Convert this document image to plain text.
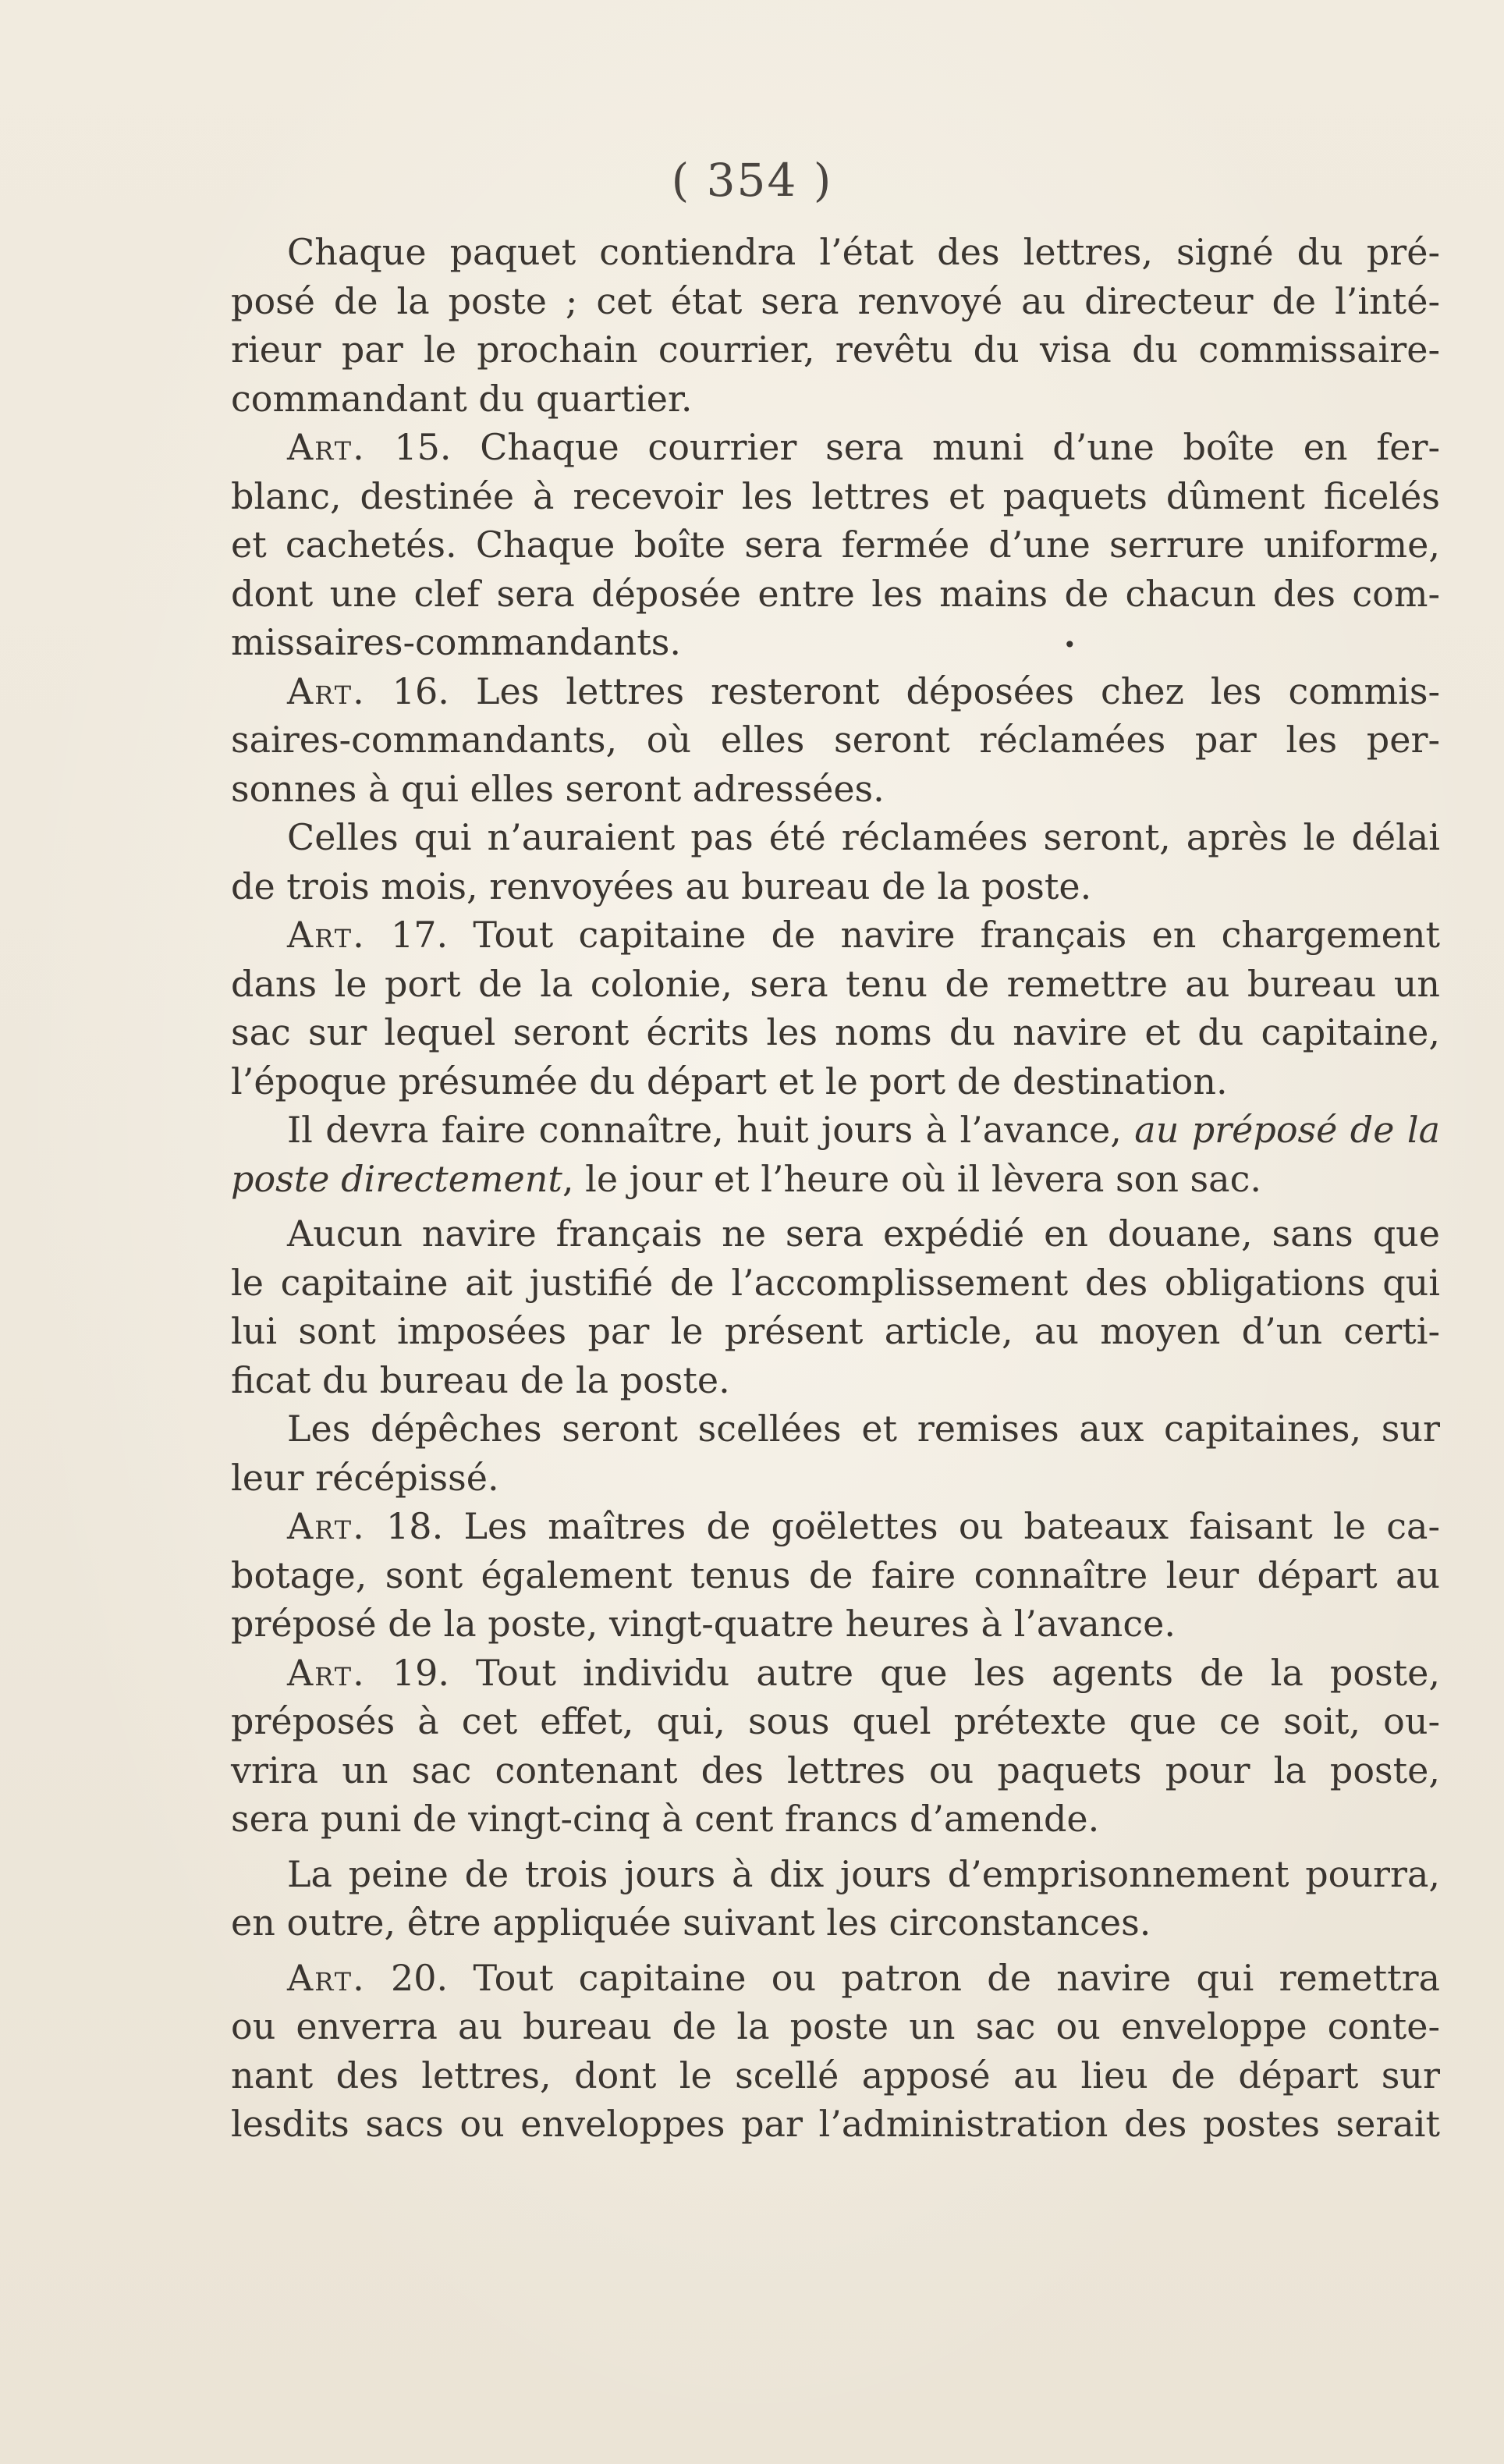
( 354 )
Chaque paquet contiendra l’état des lettres, signé du pré-
posé de la poste ; cet état sera renvoyé au directeur de l’inté-
rieur par le prochain courrier, revêtu du visa du commissaire-
commandant du quartier.
Art. 15. Chaque courrier sera muni d’une boîte en fer-
blanc, destinée à recevoir les lettres et paquets dûment ficelés
et cachetés. Chaque boîte sera fermée d’une serrure uniforme,
dont une clef sera déposée entre les mains de chacun des com-
missaires-commandants.	•
Art. 16. Les lettres resteront déposées chez les commis-
saires-commandants, où elles seront réclamées par les per-
sonnes à qui elles seront adressées.
Celles qui n’auraient pas été réclamées seront, après le délai
de trois mois, renvoyées au bureau de la poste.
Art. 17. Tout capitaine de navire français en chargement
dans le port de la colonie, sera tenu de remettre au bureau un
sac sur lequel seront écrits les noms du navire et du capitaine,
l’époque présumée du départ et le port de destination.
Il devra faire connaître, huit jours à l’avance, au préposé de la
poste directement, le jour et l’heure où il lèvera son sac.
Aucun navire français ne sera expédié en douane, sans que
le capitaine ait justifié de l’accomplissement des obligations qui
lui sont imposées par le présent article, au moyen d’un certi-
ficat du bureau de la poste.
Les dépêches seront scellées et remises aux capitaines, sur
leur récépissé.
Art. 18. Les maîtres de goëlettes ou bateaux faisant le ca-
botage, sont également tenus de faire connaître leur départ au
préposé de la poste, vingt-quatre heures à l’avance.
Art. 19. Tout individu autre que les agents de la poste,
préposés à cet effet, qui, sous quel prétexte que ce soit, ou-
vrira un sac contenant des lettres ou paquets pour la poste,
sera puni de vingt-cinq à cent francs d’amende.
La peine de trois jours à dix jours d’emprisonnement pourra,
en outre, être appliquée suivant les circonstances.
Art. 20. Tout capitaine ou patron de navire qui remettra
ou enverra au bureau de la poste un sac ou enveloppe conte-
nant des lettres, dont le scellé apposé au lieu de départ sur
lesdits sacs ou enveloppes par l’administration des postes serait
